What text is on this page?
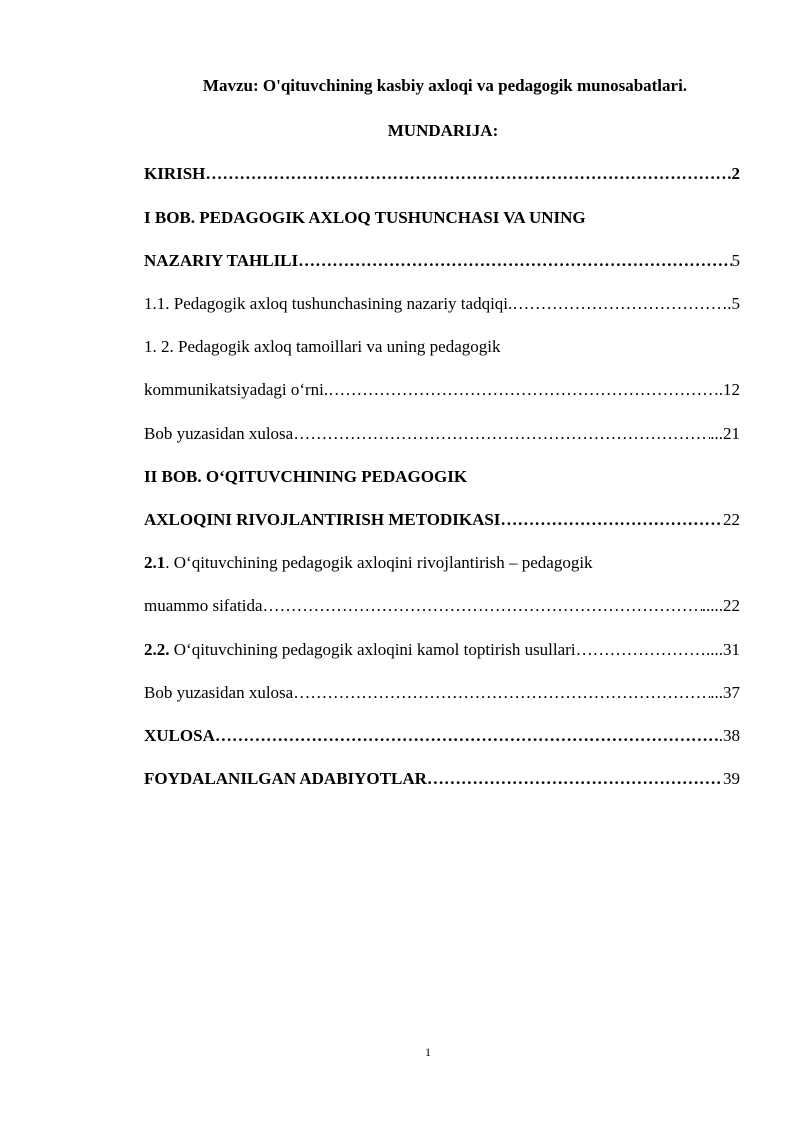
Mavzu: O'qituvchining kasbiy axloqi va pedagogik munosabatlari.
MUNDARIJA:
KIRISH ……………………………………………………………………………………………………………………………………………………	.2
I BOB. PEDAGOGIK AXLOQ TUSHUNCHASI VA UNING
NAZARIY TAHLILI ……………………………………………………………………………………………………………………………………………………	5
1.1. Pedagogik axloq tushunchasining nazariy tadqiqi. ……………………………………………………………………………………………………………………………………………………	.5
1. 2. Pedagogik axloq tamoillari va uning pedagogik
kommunikatsiyadagi o‘rni. ……………………………………………………………………………………………………………………………………………………	.12
Bob yuzasidan xulosa ……………………………………………………………………………………………………………………………………………………	...21
II BOB. O‘QITUVCHINING PEDAGOGIK
AXLOQINI RIVOJLANTIRISH METODIKASI ……………………………………………………………………………………………………………………………………………………	22
2.1. O‘qituvchining pedagogik axloqini rivojlantirish – pedagogik
muammo sifatida ……………………………………………………………………………………………………………………………………………………	.....22
2.2. O‘qituvchining pedagogik axloqini kamol toptirish usullari ……………………………………………………………………………………………………………………………………………………	....31
Bob yuzasidan xulosa ……………………………………………………………………………………………………………………………………………………	...37
XULOSA ……………………………………………………………………………………………………………………………………………………	.38
FOYDALANILGAN ADABIYOTLAR ……………………………………………………………………………………………………………………………………………………	39
1
